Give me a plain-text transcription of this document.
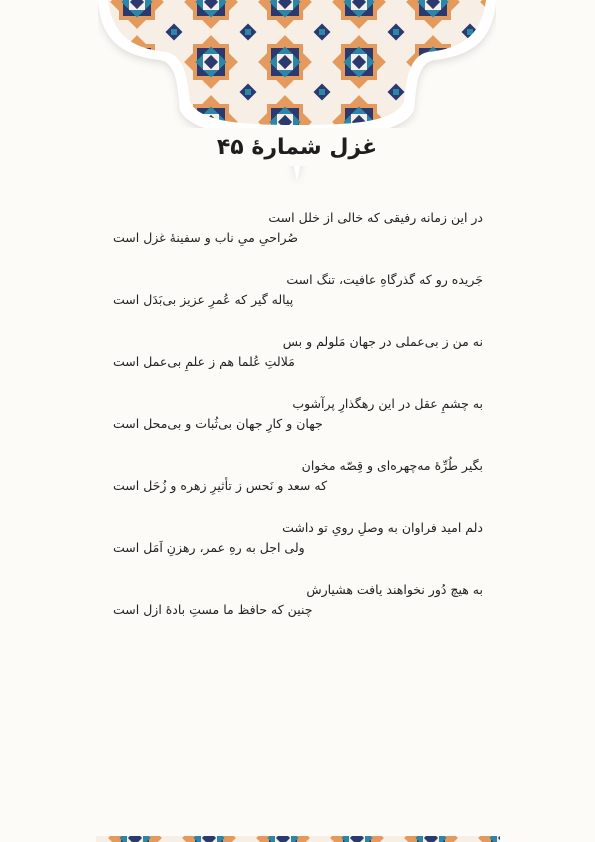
غزل شمارهٔ ۴۵
در این زمانه رفیقی که خالی از خلل است
صُراحیِ میِ ناب و سفینهٔ غزل است
جَریده رو که گذرگاهِ عافیت، تنگ است
پیاله گیر که عُمرِ عزیز بی‌بَدَل است
نه من ز بی‌عملی در جهان مَلولم و بس
مَلالتِ عُلما هم ز علمِ بی‌عمل است
به چشمِ عقل در این رهگذارِ پرآشوب
جهان و کارِ جهان بی‌ثُبات و بی‌محل است
بگیر طُرِّهٔ مه‌چهره‌ای و قِصّه مخوان
که سعد و نَحس ز تأثیرِ زهره و زُحَل است
دلم امید فراوان به وصلِ رویِ تو داشت
ولی اجل به رهِ عمر، رهزنِ اَمَل است
به هیچ دُور نخواهند یافت هشیارش
چنین که حافظ ما مستِ بادهٔ ازل است
